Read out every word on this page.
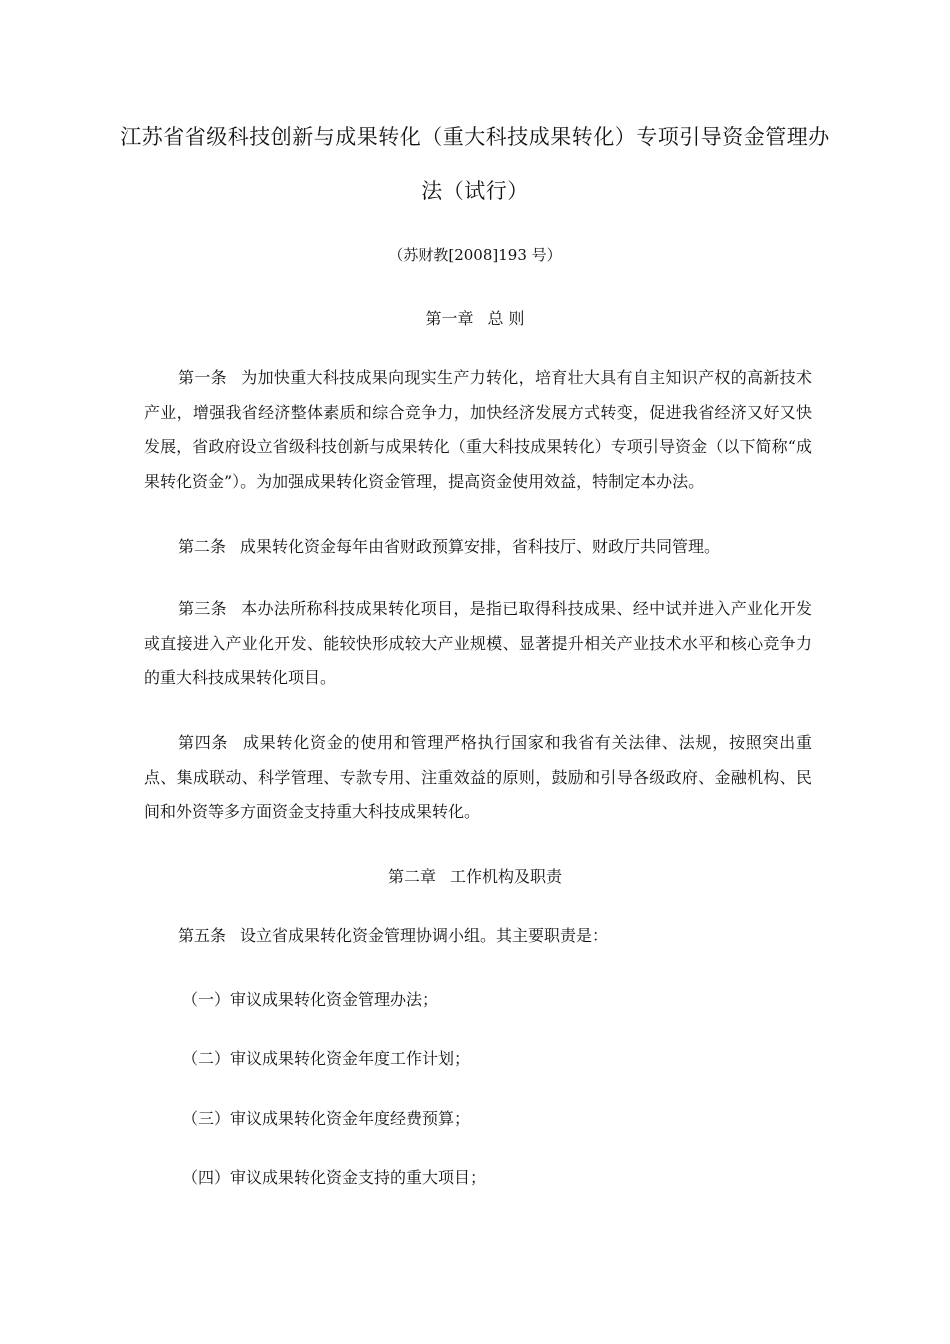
江苏省省级科技创新与成果转化（重大科技成果转化）专项引导资金管理办法（试行）
（苏财教[2008]193 号）
第一章 总 则
第一条 为加快重大科技成果向现实生产力转化，培育壮大具有自主知识产权的高新技术产业，增强我省经济整体素质和综合竞争力，加快经济发展方式转变，促进我省经济又好又快发展，省政府设立省级科技创新与成果转化（重大科技成果转化）专项引导资金（以下简称“成果转化资金”）。为加强成果转化资金管理，提高资金使用效益，特制定本办法。
第二条 成果转化资金每年由省财政预算安排，省科技厅、财政厅共同管理。
第三条 本办法所称科技成果转化项目，是指已取得科技成果、经中试并进入产业化开发或直接进入产业化开发、能较快形成较大产业规模、显著提升相关产业技术水平和核心竞争力的重大科技成果转化项目。
第四条 成果转化资金的使用和管理严格执行国家和我省有关法律、法规，按照突出重点、集成联动、科学管理、专款专用、注重效益的原则，鼓励和引导各级政府、金融机构、民间和外资等多方面资金支持重大科技成果转化。
第二章 工作机构及职责
第五条 设立省成果转化资金管理协调小组。其主要职责是：
（一）审议成果转化资金管理办法；
（二）审议成果转化资金年度工作计划；
（三）审议成果转化资金年度经费预算；
（四）审议成果转化资金支持的重大项目；
